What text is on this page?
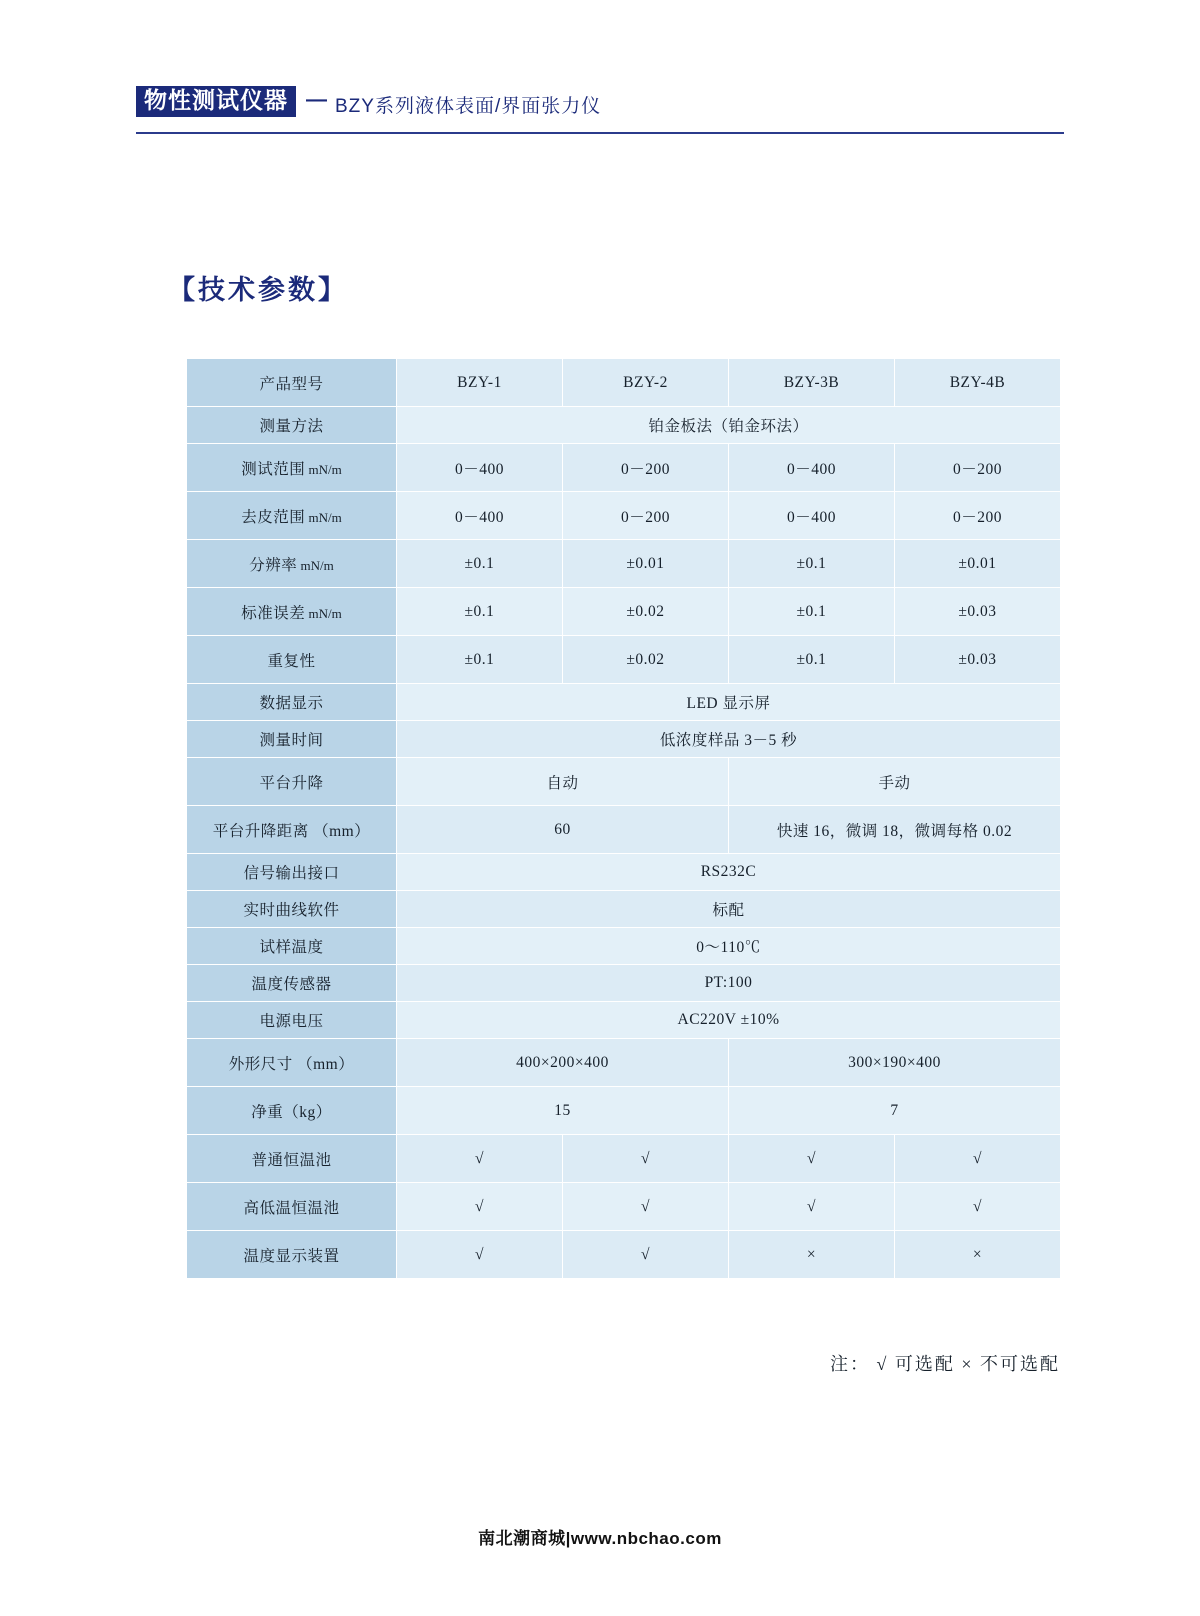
物性测试仪器 — BZY系列液体表面/界面张力仪
【技术参数】
产品型号	BZY-1	BZY-2	BZY-3B	BZY-4B
测量方法	铂金板法（铂金环法）			
测试范围 mN/m	0－400	0－200	0－400	0－200
去皮范围 mN/m	0－400	0－200	0－400	0－200
分辨率 mN/m	±0.1	±0.01	±0.1	±0.01
标准误差 mN/m	±0.1	±0.02	±0.1	±0.03
重复性	±0.1	±0.02	±0.1	±0.03
数据显示	LED 显示屏			
测量时间	低浓度样品 3－5 秒			
平台升降	自动		手动	
平台升降距离 （mm）	60		快速 16，微调 18，微调每格 0.02	
信号输出接口	RS232C			
实时曲线软件	标配			
试样温度	0～110℃			
温度传感器	PT:100			
电源电压	AC220V ±10%			
外形尺寸 （mm）	400×200×400		300×190×400	
净重（kg）	15		7	
普通恒温池	√	√	√	√
高低温恒温池	√	√	√	√
温度显示装置	√	√	×	×
注： √ 可选配 × 不可选配
南北潮商城|www.nbchao.com
